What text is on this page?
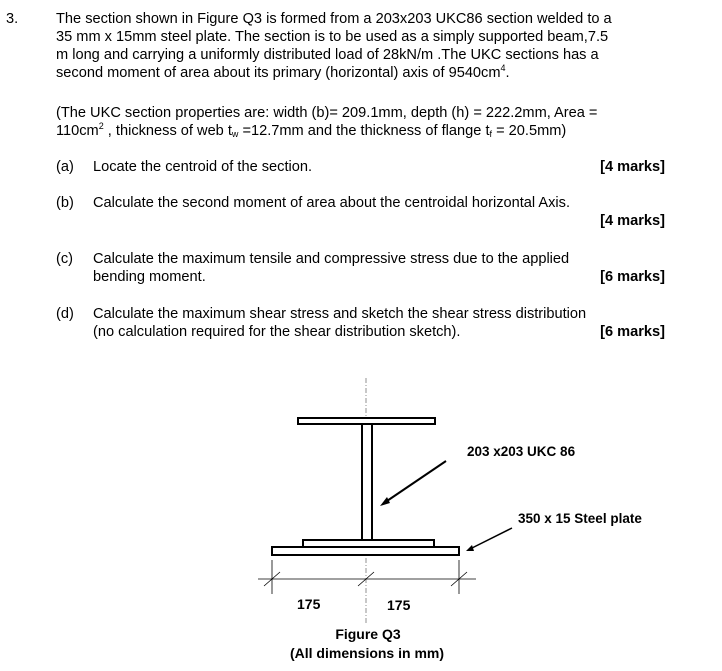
3.	The section shown in Figure Q3 is formed from a 203x203 UKC86 section welded to a
35 mm x 15mm steel plate. The section is to be used as a simply supported beam,7.5
m long and carrying a uniformly distributed load of 28kN/m .The UKC sections has a
second moment of area about its primary (horizontal) axis of $9540cm^4$.
(The UKC section properties are: width (b)= 209.1mm, depth (h) = 222.2mm, Area =
$110cm^2$ , thickness of web $t_w =12.7mm$ and the thickness of flange $t_f = 20.5mm$)
(a) Locate the centroid of the section.	[4 marks]
(b) Calculate the second moment of area about the centroidal horizontal Axis.
[4 marks]
(c) Calculate the maximum tensile and compressive stress due to the applied
bending moment.	[6 marks]
(d) Calculate the maximum shear stress and sketch the shear stress distribution
(no calculation required for the shear distribution sketch).	[6 marks]
203 x203 UKC 86
350 x 15 Steel plate
175	175
Figure Q3
(All dimensions in mm)
